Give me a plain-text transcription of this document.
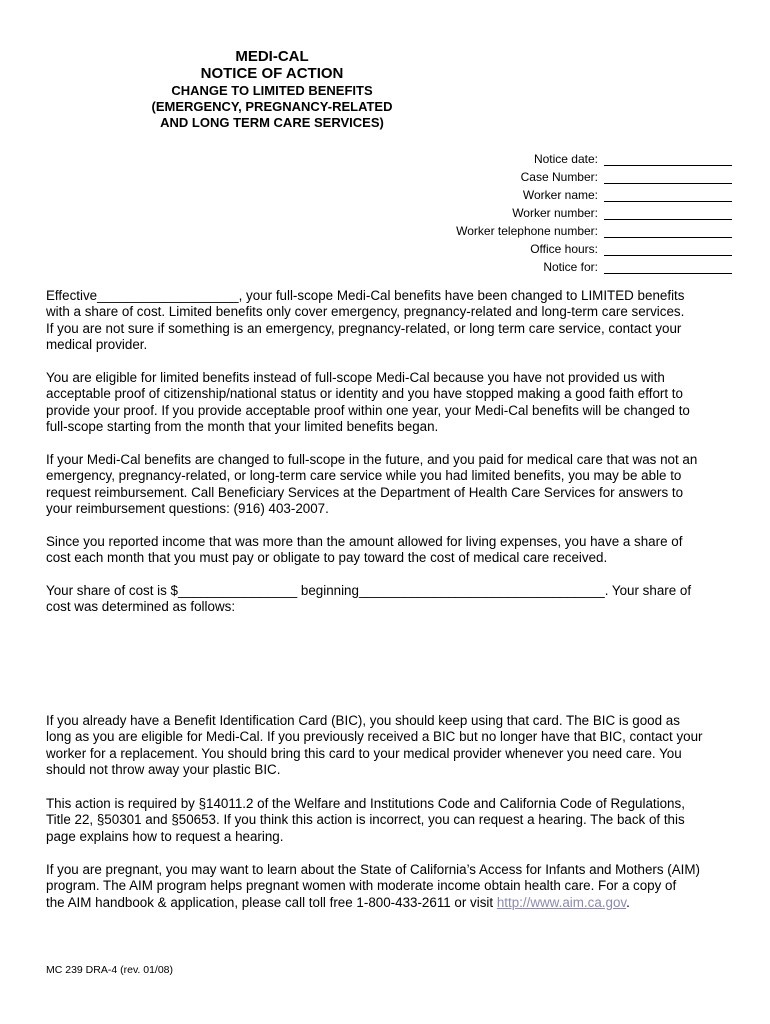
MEDI-CAL
NOTICE OF ACTION
CHANGE TO LIMITED BENEFITS
(EMERGENCY, PREGNANCY-RELATED
AND LONG TERM CARE SERVICES)
Notice date:
Case Number:
Worker name:
Worker number:
Worker telephone number:
Office hours:
Notice for:

Effective___________________, your full-scope Medi-Cal benefits have been changed to LIMITED benefits

with a share of cost. Limited benefits only cover emergency, pregnancy-related and long-term care services.

If you are not sure if something is an emergency, pregnancy-related, or long term care service, contact your

medical provider.

You are eligible for limited benefits instead of full-scope Medi-Cal because you have not provided us with

acceptable proof of citizenship/national status or identity and you have stopped making a good faith effort to

provide your proof. If you provide acceptable proof within one year, your Medi-Cal benefits will be changed to

full-scope starting from the month that your limited benefits began.

If your Medi-Cal benefits are changed to full-scope in the future, and you paid for medical care that was not an

emergency, pregnancy-related, or long-term care service while you had limited benefits, you may be able to

request reimbursement. Call Beneficiary Services at the Department of Health Care Services for answers to

your reimbursement questions: (916) 403-2007.

Since you reported income that was more than the amount allowed for living expenses, you have a share of

cost each month that you must pay or obligate to pay toward the cost of medical care received.

Your share of cost is $________________ beginning_________________________________. Your share of

cost was determined as follows:

If you already have a Benefit Identification Card (BIC), you should keep using that card. The BIC is good as

long as you are eligible for Medi-Cal. If you previously received a BIC but no longer have that BIC, contact your

worker for a replacement. You should bring this card to your medical provider whenever you need care. You

should not throw away your plastic BIC.

This action is required by §14011.2 of the Welfare and Institutions Code and California Code of Regulations,

Title 22, §50301 and §50653. If you think this action is incorrect, you can request a hearing. The back of this

page explains how to request a hearing.

If you are pregnant, you may want to learn about the State of California’s Access for Infants and Mothers (AIM)

program. The AIM program helps pregnant women with moderate income obtain health care. For a copy of

the AIM handbook & application, please call toll free 1-800-433-2611 or visit http://www.aim.ca.gov.

MC 239 DRA-4 (rev. 01/08)
